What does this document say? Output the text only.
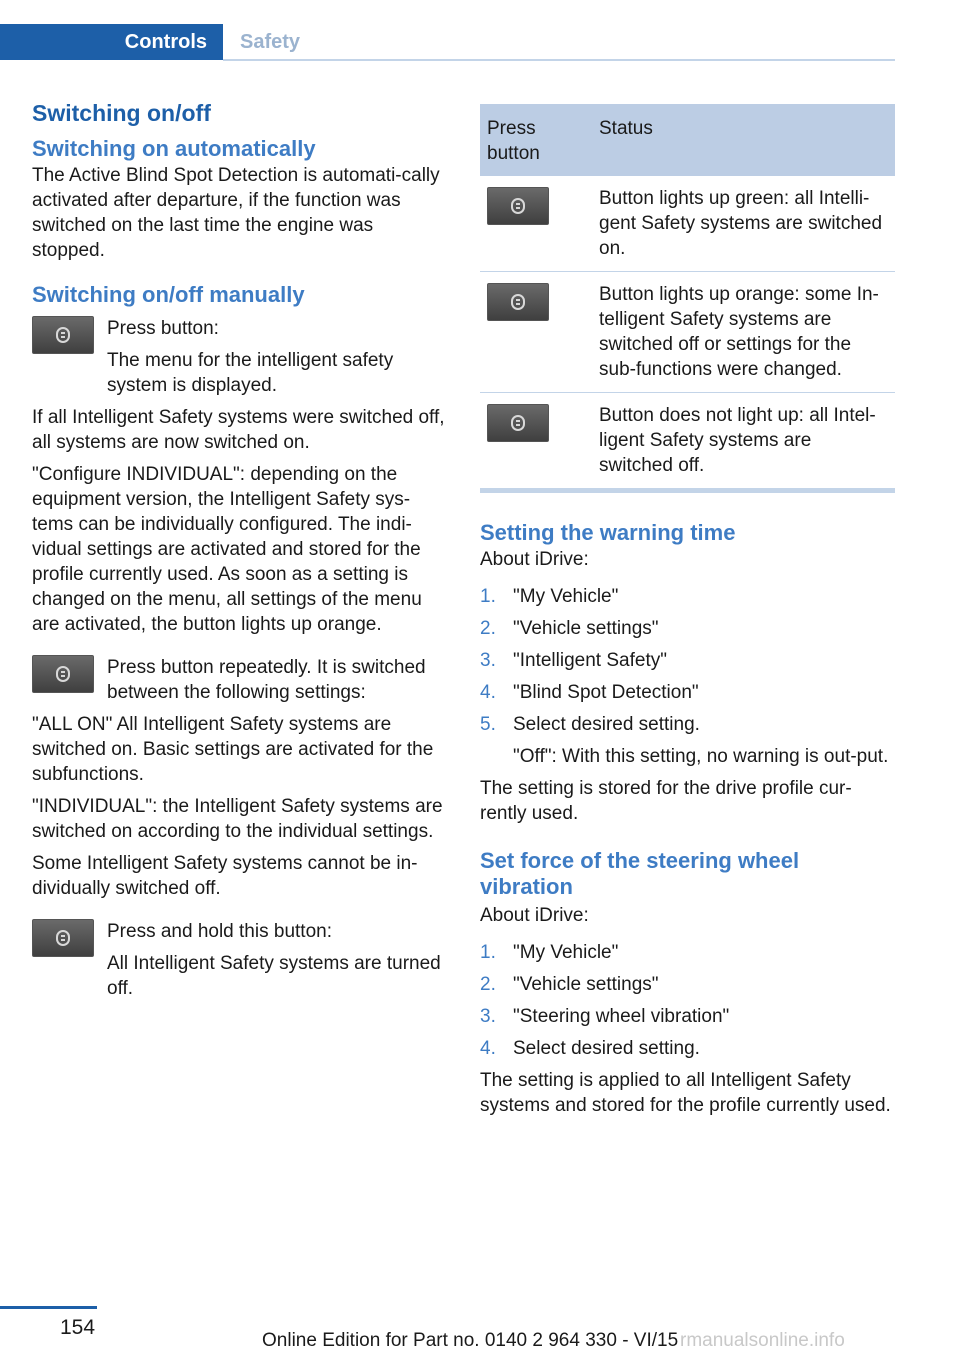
Controls	Safety
Switching on/off
Switching on automatically

The Active Blind Spot Detection is automati-cally activated after departure, if the function was switched on the last time the engine was stopped.

Switching on/off manually

Press button:

The menu for the intelligent safety system is displayed.

If all Intelligent Safety systems were switched off, all systems are now switched on.

"Configure INDIVIDUAL": depending on the equipment version, the Intelligent Safety sys-tems can be individually configured. The indi-vidual settings are activated and stored for the profile currently used. As soon as a setting is changed on the menu, all settings of the menu are activated, the button lights up orange.

Press button repeatedly. It is switched between the following settings:

"ALL ON" All Intelligent Safety systems are switched on. Basic settings are activated for the subfunctions.

"INDIVIDUAL": the Intelligent Safety systems are switched on according to the individual settings.

Some Intelligent Safety systems cannot be in-dividually switched off.

Press and hold this button:

All Intelligent Safety systems are turned off.

Press button	Status

	Button lights up green: all Intelli-gent Safety systems are switched on.

	Button lights up orange: some In-telligent Safety systems are switched off or settings for the sub-functions were changed.

	Button does not light up: all Intel-ligent Safety systems are switched off.
Setting the warning time

About iDrive:

1. "My Vehicle"
2. "Vehicle settings"
3. "Intelligent Safety"
4. "Blind Spot Detection"
5. Select desired setting.
"Off": With this setting, no warning is out-put.

The setting is stored for the drive profile cur-rently used.

Set force of the steering wheel vibration

About iDrive:

1. "My Vehicle"
2. "Vehicle settings"
3. "Steering wheel vibration"
4. Select desired setting.

The setting is applied to all Intelligent Safety systems and stored for the profile currently used.

154
Online Edition for Part no. 0140 2 964 330 - VI/15 rmanualsonline.info
